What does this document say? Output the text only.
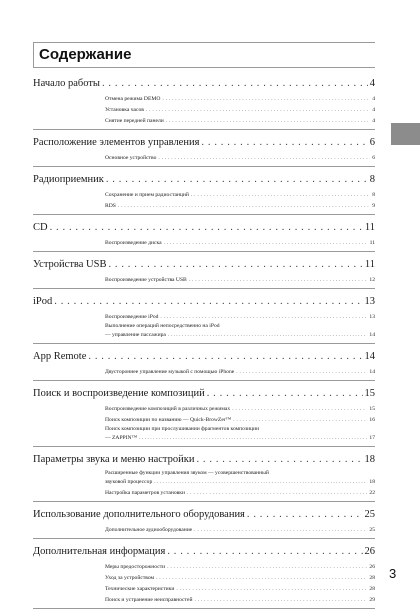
Содержание
Начало работы . . .	4
Отмена режима DEMO . . .	4
Установка часов . . .	4
Снятие передней панели . . .	4
Расположение элементов управления . . .	6
Основное устройство . . .	6
Радиоприемник . . .	8
Сохранение и прием радиостанций . . .	8
RDS . . .	9
CD . . .	11
Воспроизведение диска . . .	11
Устройства USB . . .	11
Воспроизведение устройства USB . . .	12
iPod . . .	13
Воспроизведение iPod . . .	13
Выполнение операций непосредственно на iPod
— управление пассажира . . .	14
App Remote . . .	14
Двустороннее управление музыкой с помощью iPhone . . .	14
Поиск и воспроизведение композиций . . .	15
Воспроизведение композиций в различных режимах . . .	15
Поиск композиции по названию — Quick-BrowZer™ . . .	16
Поиск композиции при прослушивании фрагментов композиции
— ZAPPIN™ . . .	17
Параметры звука и меню настройки . . .	18
Расширенные функции управления звуком — усовершенствованный
звуковой процессор . . .	18
Настройка параметров установки . . .	22
Использование дополнительного оборудования . . .	25
Дополнительное аудиооборудование . . .	25
Дополнительная информация . . .	26
Меры предосторожности . . .	26
Уход за устройством . . .	28
Технические характеристики . . .	28
Поиск и устранение неисправностей . . .	29
3
